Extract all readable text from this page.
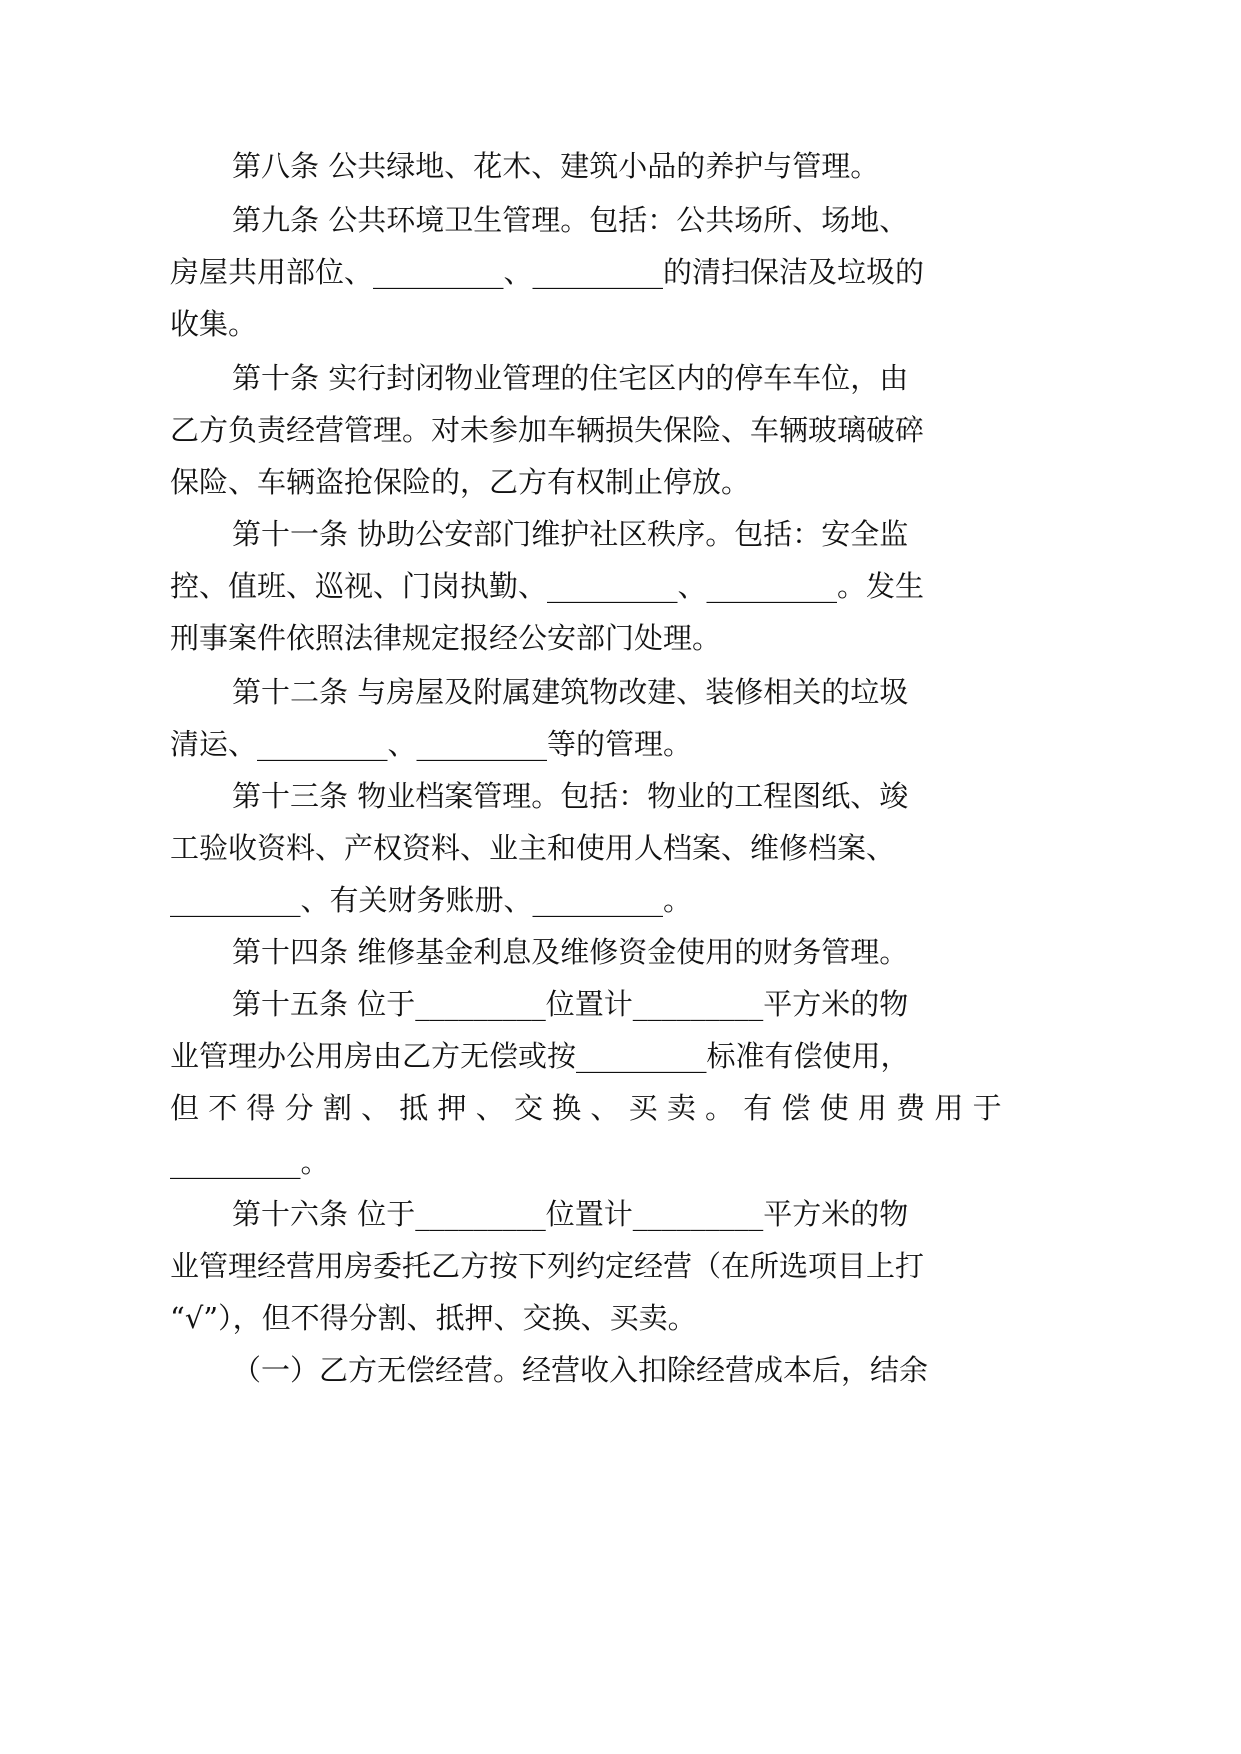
第八条 公共绿地、花木、建筑小品的养护与管理。
第九条 公共环境卫生管理。包括：公共场所、场地、
房屋共用部位、_________、_________的清扫保洁及垃圾的
收集。
第十条 实行封闭物业管理的住宅区内的停车车位，由
乙方负责经营管理。对未参加车辆损失保险、车辆玻璃破碎
保险、车辆盗抢保险的，乙方有权制止停放。
第十一条 协助公安部门维护社区秩序。包括：安全监
控、值班、巡视、门岗执勤、_________、_________。发生
刑事案件依照法律规定报经公安部门处理。
第十二条 与房屋及附属建筑物改建、装修相关的垃圾
清运、_________、_________等的管理。
第十三条 物业档案管理。包括：物业的工程图纸、竣
工验收资料、产权资料、业主和使用人档案、维修档案、
_________、有关财务账册、_________。
第十四条 维修基金利息及维修资金使用的财务管理。
第十五条 位于_________位置计_________平方米的物
业管理办公用房由乙方无偿或按_________标准有偿使用，
但 不 得 分 割 、 抵 押 、 交 换 、 买 卖 。 有 偿 使 用 费 用 于
_________。
第十六条 位于_________位置计_________平方米的物
业管理经营用房委托乙方按下列约定经营（在所选项目上打
“√”），但不得分割、抵押、交换、买卖。
（一）乙方无偿经营。经营收入扣除经营成本后，结余
